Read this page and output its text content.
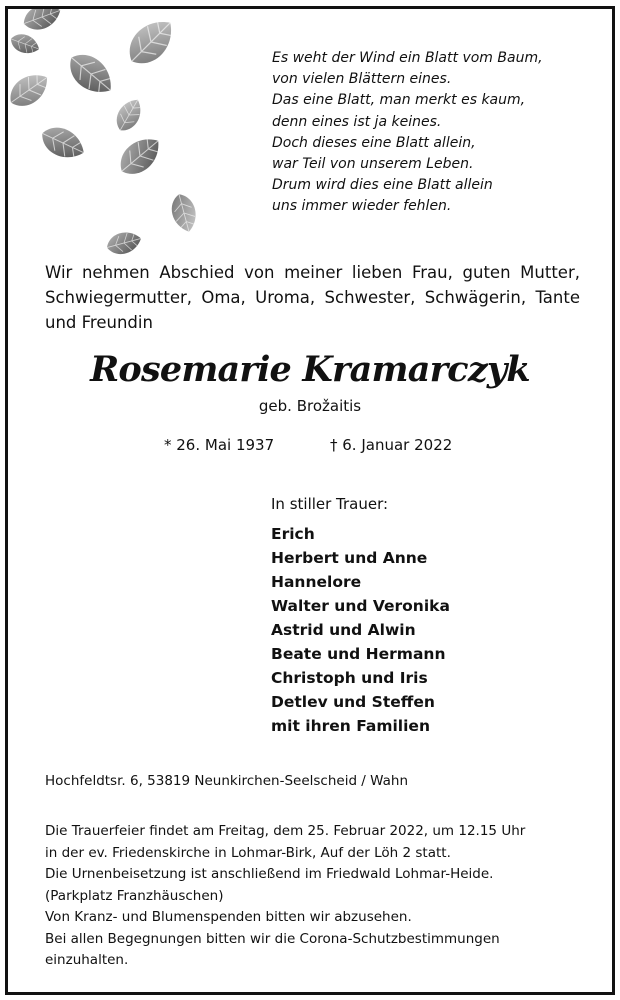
Es weht der Wind ein Blatt vom Baum,
von vielen Blättern eines.
Das eine Blatt, man merkt es kaum,
denn eines ist ja keines.
Doch dieses eine Blatt allein,
war Teil von unserem Leben.
Drum wird dies eine Blatt allein
uns immer wieder fehlen.
Wir nehmen Abschied von meiner lieben Frau, guten Mutter, Schwiegermutter, Oma, Uroma, Schwester, Schwägerin, Tante und Freundin
Rosemarie Kramarczyk
geb. Brožaitis
* 26. Mai 1937	† 6. Januar 2022
In stiller Trauer:
Erich
Herbert und Anne
Hannelore
Walter und Veronika
Astrid und Alwin
Beate und Hermann
Christoph und Iris
Detlev und Steffen
mit ihren Familien
Hochfeldtsr. 6, 53819 Neunkirchen-Seelscheid / Wahn
Die Trauerfeier findet am Freitag, dem 25. Februar 2022, um 12.15 Uhr
in der ev. Friedenskirche in Lohmar-Birk, Auf der Löh 2 statt.
Die Urnenbeisetzung ist anschließend im Friedwald Lohmar-Heide.
(Parkplatz Franzhäuschen)
Von Kranz- und Blumenspenden bitten wir abzusehen.
Bei allen Begegnungen bitten wir die Corona-Schutzbestimmungen
einzuhalten.
